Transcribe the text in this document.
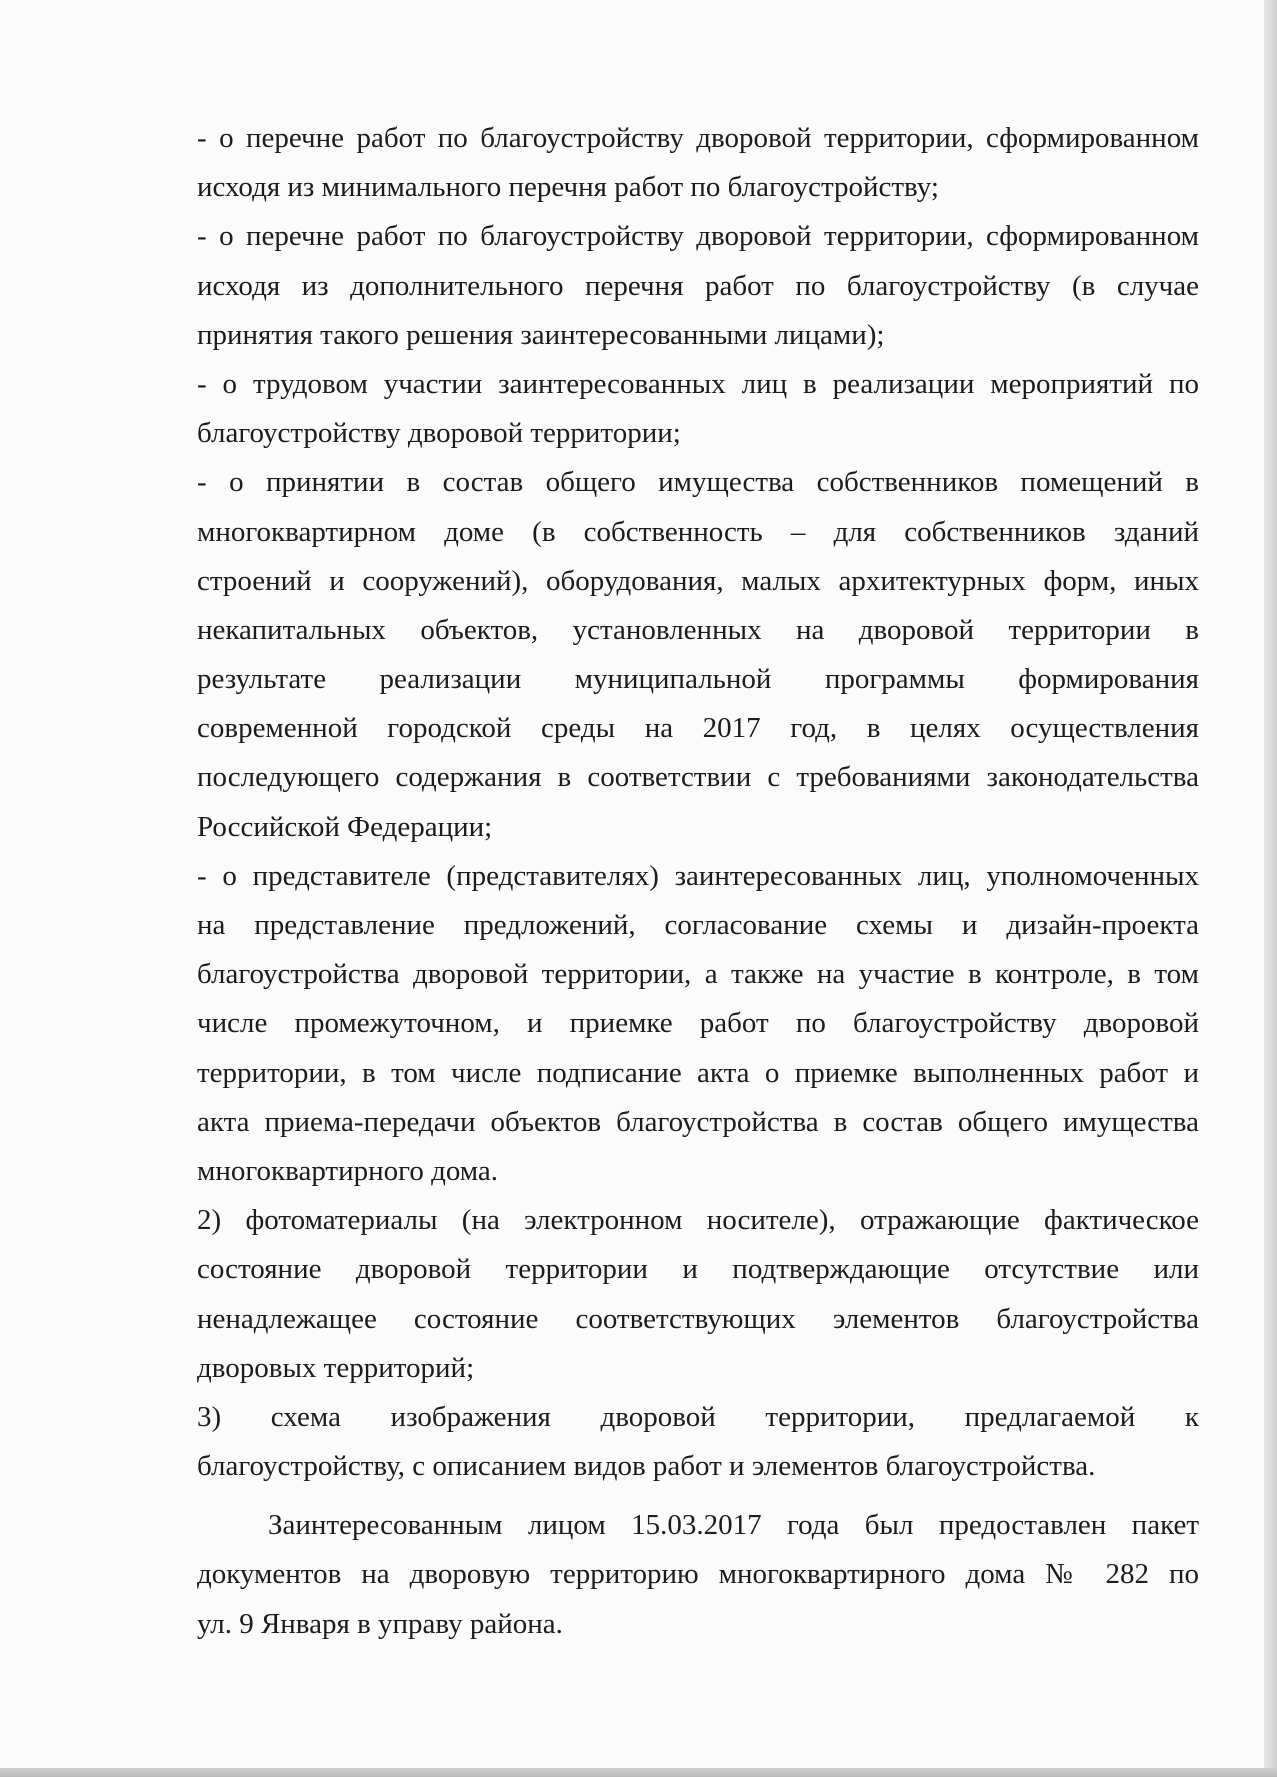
- о перечне работ по благоустройству дворовой территории, сформированном
исходя из минимального перечня работ по благоустройству;
- о перечне работ по благоустройству дворовой территории, сформированном
исходя из дополнительного перечня работ по благоустройству (в случае
принятия такого решения заинтересованными лицами);
- о трудовом участии заинтересованных лиц в реализации мероприятий по
благоустройству дворовой территории;
- о принятии в состав общего имущества собственников помещений в
многоквартирном доме (в собственность – для собственников зданий
строений и сооружений), оборудования, малых архитектурных форм, иных
некапитальных объектов, установленных на дворовой территории в
результате реализации муниципальной программы формирования
современной городской среды на 2017 год, в целях осуществления
последующего содержания в соответствии с требованиями законодательства
Российской Федерации;
- о представителе (представителях) заинтересованных лиц, уполномоченных
на представление предложений, согласование схемы и дизайн-проекта
благоустройства дворовой территории, а также на участие в контроле, в том
числе промежуточном, и приемке работ по благоустройству дворовой
территории, в том числе подписание акта о приемке выполненных работ и
акта приема-передачи объектов благоустройства в состав общего имущества
многоквартирного дома.
2) фотоматериалы (на электронном носителе), отражающие фактическое
состояние дворовой территории и подтверждающие отсутствие или
ненадлежащее состояние соответствующих элементов благоустройства
дворовых территорий;
3) схема изображения дворовой территории, предлагаемой к
благоустройству, с описанием видов работ и элементов благоустройства.
Заинтересованным лицом 15.03.2017 года был предоставлен пакет
документов на дворовую территорию многоквартирного дома № 282 по
ул. 9 Января в управу района.
